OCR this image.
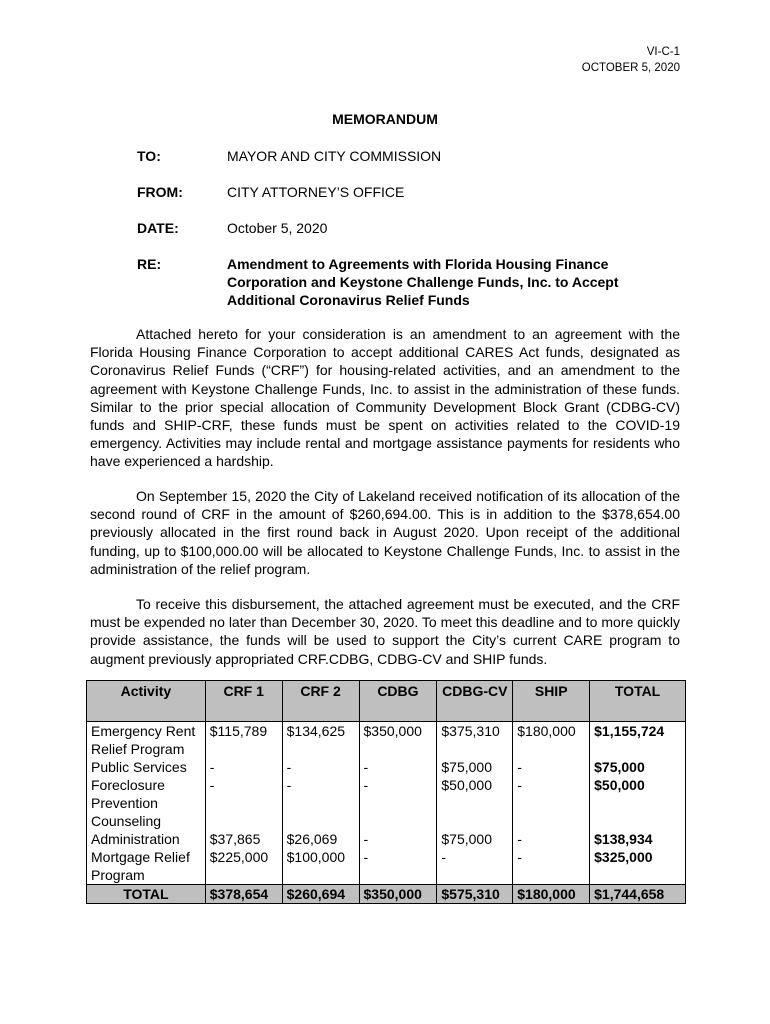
VI-C-1
OCTOBER 5, 2020
MEMORANDUM
TO:	MAYOR AND CITY COMMISSION
FROM:	CITY ATTORNEY’S OFFICE
DATE:	October 5, 2020
RE:	Amendment to Agreements with Florida Housing Finance Corporation and Keystone Challenge Funds, Inc. to Accept Additional Coronavirus Relief Funds

Attached hereto for your consideration is an amendment to an agreement with the Florida Housing Finance Corporation to accept additional CARES Act funds, designated as Coronavirus Relief Funds (“CRF”) for housing-related activities, and an amendment to the agreement with Keystone Challenge Funds, Inc. to assist in the administration of these funds. Similar to the prior special allocation of Community Development Block Grant (CDBG-CV) funds and SHIP-CRF, these funds must be spent on activities related to the COVID-19 emergency. Activities may include rental and mortgage assistance payments for residents who have experienced a hardship.

On September 15, 2020 the City of Lakeland received notification of its allocation of the second round of CRF in the amount of $260,694.00. This is in addition to the $378,654.00 previously allocated in the first round back in August 2020. Upon receipt of the additional funding, up to $100,000.00 will be allocated to Keystone Challenge Funds, Inc. to assist in the administration of the relief program.

To receive this disbursement, the attached agreement must be executed, and the CRF must be expended no later than December 30, 2020. To meet this deadline and to more quickly provide assistance, the funds will be used to support the City’s current CARE program to augment previously appropriated CRF.CDBG, CDBG-CV and SHIP funds.

Activity	CRF 1	CRF 2	CDBG	CDBG-CV	SHIP	TOTAL
Emergency Rent Relief Program	$115,789	$134,625	$350,000	$375,310	$180,000	$1,155,724
Public Services	-	-	-	$75,000	-	$75,000
Foreclosure Prevention Counseling	-	-	-	$50,000	-	$50,000
Administration	$37,865	$26,069	-	$75,000	-	$138,934
Mortgage Relief Program	$225,000	$100,000	-	-	-	$325,000
TOTAL	$378,654	$260,694	$350,000	$575,310	$180,000	$1,744,658
